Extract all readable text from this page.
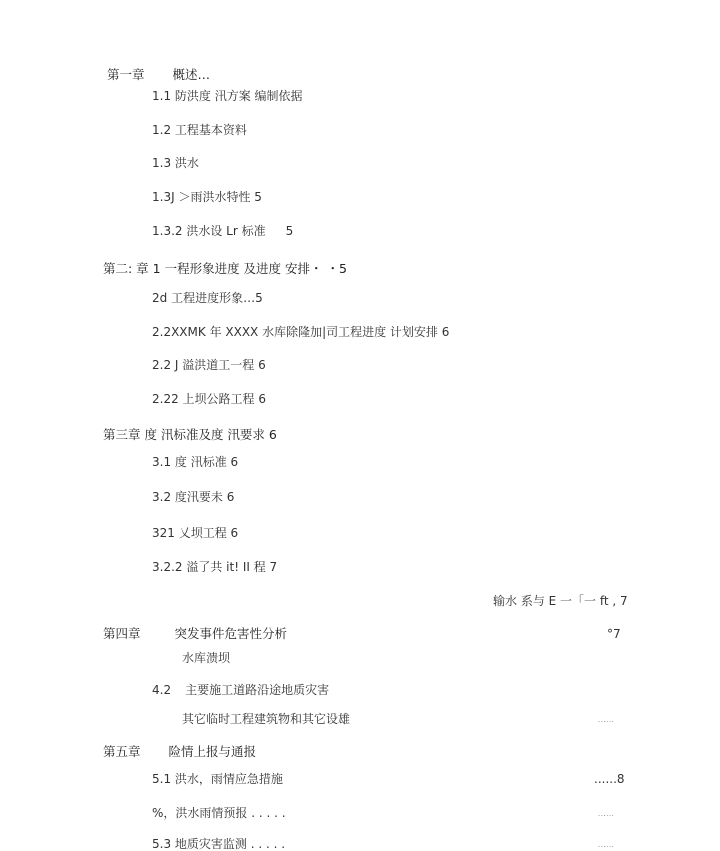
第一章 概述…
1.1 防洪度 汛方案 编制依据
1.2 工程基本资料
1.3 洪水
1.3J ＞雨洪水特性 5
1.3.2 洪水设 Lr 标准 5
第二: 章 1 一程形象进度 及进度 安排・ ・5
2d 工程进度形象…5
2.2XXMK 年 XXXX 水库除隆加|司工程进度 计划安排 6
2.2 J 溢洪道工一程 6
2.22 上坝公路工程 6
第三章 度 汛标准及度 汛要求 6
3.1 度 汛标准 6
3.2 度汛要未 6
321 乂坝工程 6
3.2.2 溢了共 it! II 程 7
输水 系与 E 一「一 ft , 7
第四章	突发事件危害性分析	°7
水库溃坝
4.2 主要施工道路沿途地质灾害
其它临时工程建筑物和其它设雄	......
第五章 险情上报与通报
5.1 洪水，雨情应急措施	......8
%，洪水雨情预报 . . . . .	......
5.3 地质灾害监测 . . . . .	......
